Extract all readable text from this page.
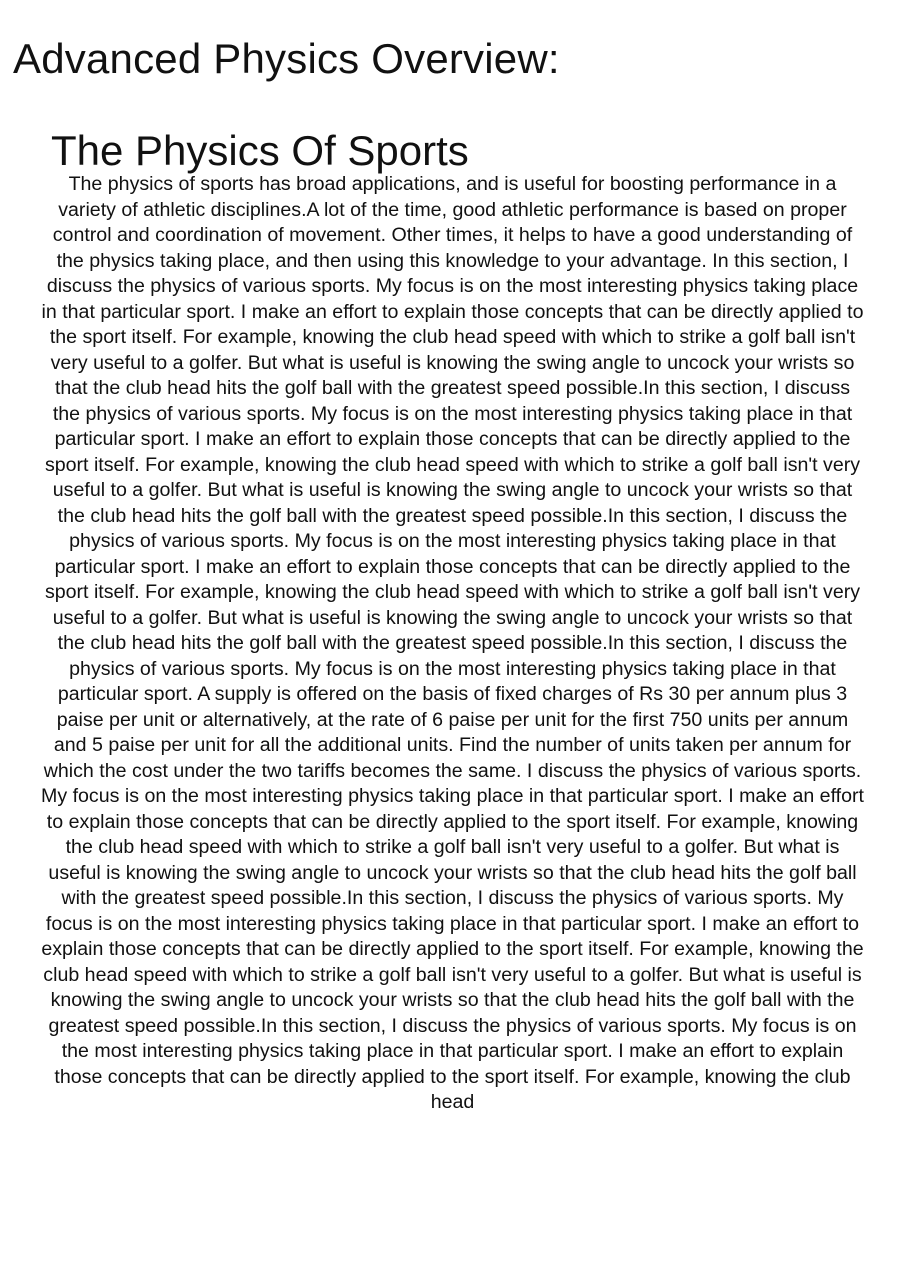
Advanced Physics Overview:
The Physics Of Sports

The physics of sports has broad applications, and is useful for boosting performance in a variety of athletic disciplines.A lot of the time, good athletic performance is based on proper control and coordination of movement. Other times, it helps to have a good understanding of the physics taking place, and then using this knowledge to your advantage. In this section, I discuss the physics of various sports. My focus is on the most interesting physics taking place in that particular sport. I make an effort to explain those concepts that can be directly applied to the sport itself. For example, knowing the club head speed with which to strike a golf ball isn't very useful to a golfer. But what is useful is knowing the swing angle to uncock your wrists so that the club head hits the golf ball with the greatest speed possible.In this section, I discuss the physics of various sports. My focus is on the most interesting physics taking place in that particular sport. I make an effort to explain those concepts that can be directly applied to the sport itself. For example, knowing the club head speed with which to strike a golf ball isn't very useful to a golfer. But what is useful is knowing the swing angle to uncock your wrists so that the club head hits the golf ball with the greatest speed possible.In this section, I discuss the physics of various sports. My focus is on the most interesting physics taking place in that particular sport. I make an effort to explain those concepts that can be directly applied to the sport itself. For example, knowing the club head speed with which to strike a golf ball isn't very useful to a golfer. But what is useful is knowing the swing angle to uncock your wrists so that the club head hits the golf ball with the greatest speed possible.In this section, I discuss the physics of various sports. My focus is on the most interesting physics taking place in that particular sport. A supply is offered on the basis of fixed charges of Rs 30 per annum plus 3 paise per unit or alternatively, at the rate of 6 paise per unit for the first 750 units per annum and 5 paise per unit for all the additional units. Find the number of units taken per annum for which the cost under the two tariffs becomes the same. I discuss the physics of various sports. My focus is on the most interesting physics taking place in that particular sport. I make an effort to explain those concepts that can be directly applied to the sport itself. For example, knowing the club head speed with which to strike a golf ball isn't very useful to a golfer. But what is useful is knowing the swing angle to uncock your wrists so that the club head hits the golf ball with the greatest speed possible.In this section, I discuss the physics of various sports. My focus is on the most interesting physics taking place in that particular sport. I make an effort to explain those concepts that can be directly applied to the sport itself. For example, knowing the club head speed with which to strike a golf ball isn't very useful to a golfer. But what is useful is knowing the swing angle to uncock your wrists so that the club head hits the golf ball with the greatest speed possible.In this section, I discuss the physics of various sports. My focus is on the most interesting physics taking place in that particular sport. I make an effort to explain those concepts that can be directly applied to the sport itself. For example, knowing the club head
